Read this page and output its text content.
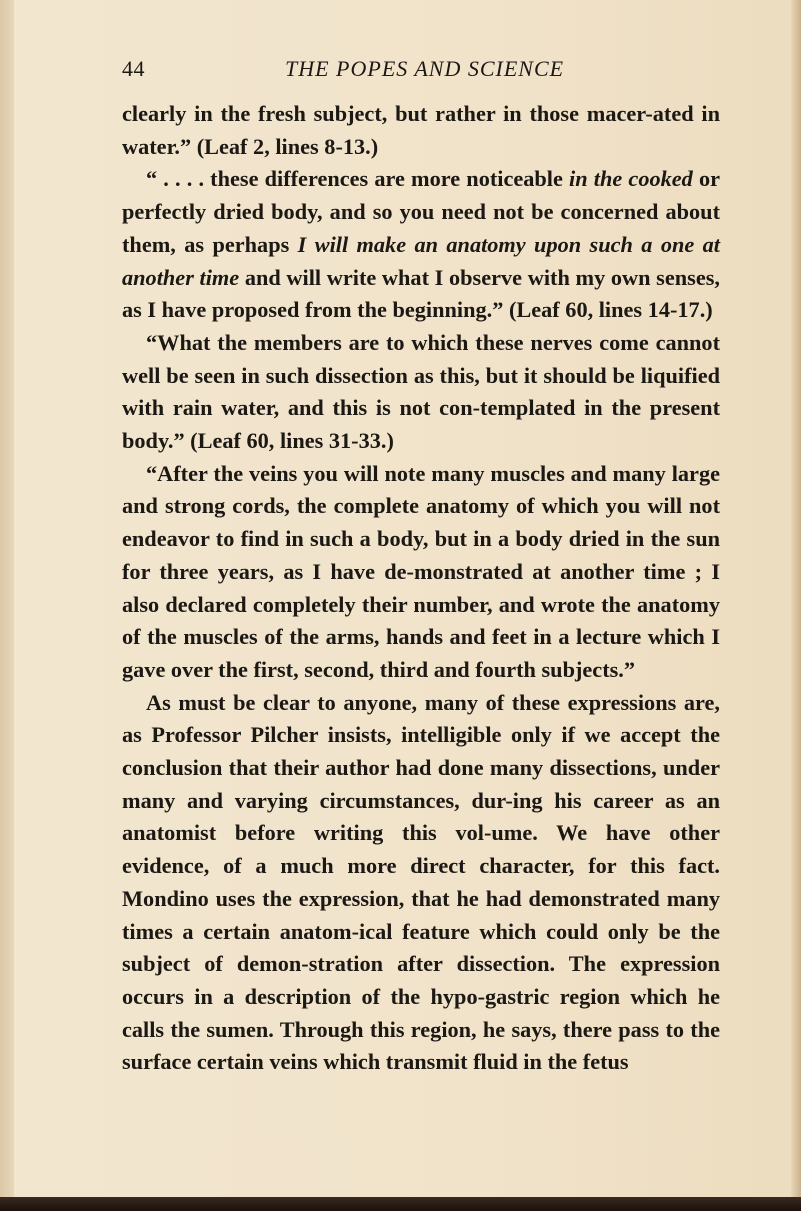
44	THE POPES AND SCIENCE

clearly in the fresh subject, but rather in those macer-ated in water.” (Leaf 2, lines 8-13.)

“ . . . . these differences are more noticeable in the cooked or perfectly dried body, and so you need not be concerned about them, as perhaps I will make an anatomy upon such a one at another time and will write what I observe with my own senses, as I have proposed from the beginning.” (Leaf 60, lines 14-17.)

“What the members are to which these nerves come cannot well be seen in such dissection as this, but it should be liquified with rain water, and this is not con-templated in the present body.” (Leaf 60, lines 31-33.)

“After the veins you will note many muscles and many large and strong cords, the complete anatomy of which you will not endeavor to find in such a body, but in a body dried in the sun for three years, as I have de-monstrated at another time ; I also declared completely their number, and wrote the anatomy of the muscles of the arms, hands and feet in a lecture which I gave over the first, second, third and fourth subjects.”

As must be clear to anyone, many of these expressions are, as Professor Pilcher insists, intelligible only if we accept the conclusion that their author had done many dissections, under many and varying circumstances, dur-ing his career as an anatomist before writing this vol-ume. We have other evidence, of a much more direct character, for this fact. Mondino uses the expression, that he had demonstrated many times a certain anatom-ical feature which could only be the subject of demon-stration after dissection. The expression occurs in a description of the hypo-gastric region which he calls the sumen. Through this region, he says, there pass to the surface certain veins which transmit fluid in the fetus
